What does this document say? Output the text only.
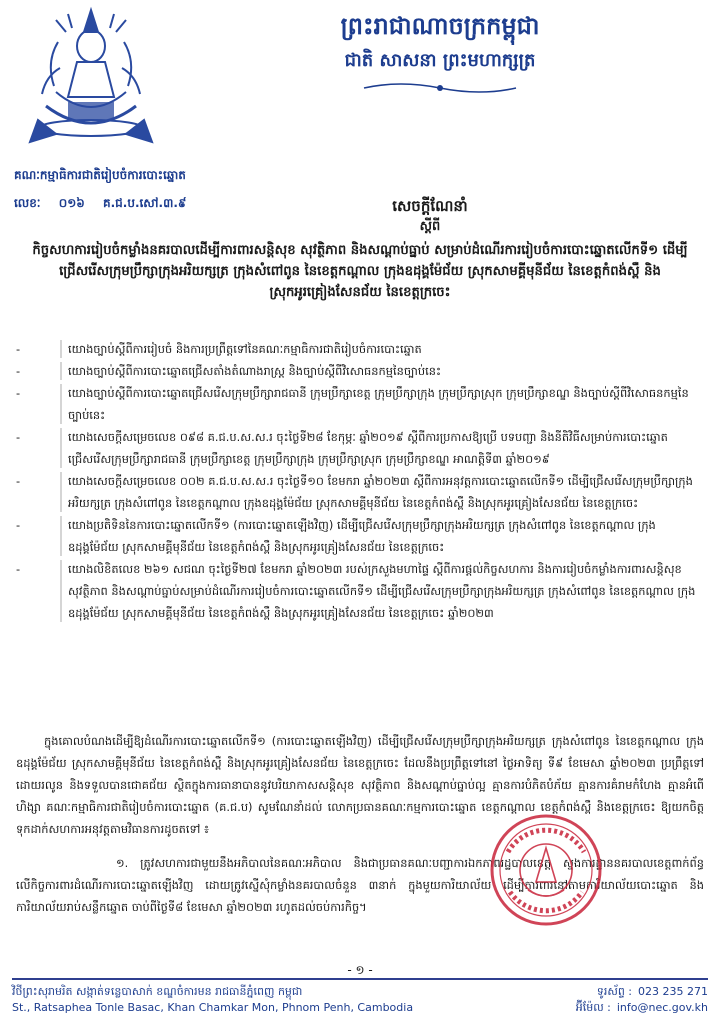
ព្រះរាជាណាចក្រកម្ពុជា
ជាតិ សាសនា ព្រះមហាក្សត្រ
គណៈកម្មាធិការជាតិរៀបចំការបោះឆ្នោត
លេខៈ ០១៦ គ.ជ.ប.សៅ.៣.៩	សេចក្តីណែនាំ
ស្តីពី
កិច្ចសហការរៀបចំកម្លាំងនគរបាលដើម្បីការពារសន្តិសុខ សុវត្ថិភាព និងសណ្តាប់ធ្នាប់ សម្រាប់ដំណើរការរៀបចំការបោះឆ្នោតលើកទី១ ដើម្បីជ្រើសរើសក្រុមប្រឹក្សាក្រុងអរិយក្សត្រ ក្រុងសំពៅពូន នៃខេត្តកណ្តាល ក្រុងឧដុង្គម៉ែជ័យ ស្រុកសាមគ្គីមុនីជ័យ នៃខេត្តកំពង់ស្ពឺ និងស្រុកអូរគ្រៀងសែនជ័យ នៃខេត្តក្រចេះ
-	យោងច្បាប់ស្តីពីការរៀបចំ និងការប្រព្រឹត្តទៅនៃគណៈកម្មាធិការជាតិរៀបចំការបោះឆ្នោត
-	យោងច្បាប់ស្តីពីការបោះឆ្នោតជ្រើសតាំងតំណាងរាស្ត្រ និងច្បាប់ស្តីពីវិសោធនកម្មនៃច្បាប់នេះ
-	យោងច្បាប់ស្តីពីការបោះឆ្នោតជ្រើសរើសក្រុមប្រឹក្សារាជធានី ក្រុមប្រឹក្សាខេត្ត ក្រុមប្រឹក្សាក្រុង ក្រុមប្រឹក្សាស្រុក ក្រុមប្រឹក្សាខណ្ឌ និងច្បាប់ស្តីពីវិសោធនកម្មនៃច្បាប់នេះ
-	យោងសេចក្តីសម្រេចលេខ ០៩៨ គ.ជ.ប.ស.ស.រ ចុះថ្ងៃទី២៨ ខែកុម្ភៈ ឆ្នាំ២០១៩ ស្តីពីការប្រកាសឱ្យប្រើ បទបញ្ជា និងនីតិវិធីសម្រាប់ការបោះឆ្នោតជ្រើសរើសក្រុមប្រឹក្សារាជធានី ក្រុមប្រឹក្សាខេត្ត ក្រុមប្រឹក្សាក្រុង ក្រុមប្រឹក្សាស្រុក ក្រុមប្រឹក្សាខណ្ឌ អាណត្តិទី៣ ឆ្នាំ២០១៩
-	យោងសេចក្តីសម្រេចលេខ ០០២ គ.ជ.ប.ស.ស.រ ចុះថ្ងៃទី១០ ខែមករា ឆ្នាំ២០២៣ ស្តីពីការអនុវត្តការបោះឆ្នោតលើកទី១ ដើម្បីជ្រើសរើសក្រុមប្រឹក្សាក្រុងអរិយក្សត្រ ក្រុងសំពៅពូន នៃខេត្តកណ្តាល ក្រុងឧដុង្គម៉ែជ័យ ស្រុកសាមគ្គីមុនីជ័យ នៃខេត្តកំពង់ស្ពឺ និងស្រុកអូរគ្រៀងសែនជ័យ នៃខេត្តក្រចេះ
-	យោងប្រតិទិននៃការបោះឆ្នោតលើកទី១ (ការបោះឆ្នោតឡើងវិញ) ដើម្បីជ្រើសរើសក្រុមប្រឹក្សាក្រុងអរិយក្សត្រ ក្រុងសំពៅពូន នៃខេត្តកណ្តាល ក្រុងឧដុង្គម៉ែជ័យ ស្រុកសាមគ្គីមុនីជ័យ នៃខេត្តកំពង់ស្ពឺ និងស្រុកអូរគ្រៀងសែនជ័យ នៃខេត្តក្រចេះ
-	យោងលិខិតលេខ ២៦១ សជណ ចុះថ្ងៃទី២៧ ខែមករា ឆ្នាំ២០២៣ របស់ក្រសួងមហាផ្ទៃ ស្តីពីការផ្តល់កិច្ចសហការ និងការរៀបចំកម្លាំងការពារសន្តិសុខ សុវត្ថិភាព និងសណ្តាប់ធ្នាប់សម្រាប់ដំណើរការរៀបចំការបោះឆ្នោតលើកទី១ ដើម្បីជ្រើសរើសក្រុមប្រឹក្សាក្រុងអរិយក្សត្រ ក្រុងសំពៅពូន នៃខេត្តកណ្តាល ក្រុងឧដុង្គម៉ែជ័យ ស្រុកសាមគ្គីមុនីជ័យ នៃខេត្តកំពង់ស្ពឺ និងស្រុកអូរគ្រៀងសែនជ័យ នៃខេត្តក្រចេះ ឆ្នាំ២០២៣
ក្នុងគោលបំណងដើម្បីឱ្យដំណើរការបោះឆ្នោតលើកទី១ (ការបោះឆ្នោតឡើងវិញ) ដើម្បីជ្រើសរើសក្រុមប្រឹក្សាក្រុងអរិយក្សត្រ ក្រុងសំពៅពូន នៃខេត្តកណ្តាល ក្រុងឧដុង្គម៉ែជ័យ ស្រុកសាមគ្គីមុនីជ័យ នៃខេត្តកំពង់ស្ពឺ និងស្រុកអូរគ្រៀងសែនជ័យ នៃខេត្តក្រចេះ ដែលនឹងប្រព្រឹត្តទៅនៅ ថ្ងៃអាទិត្យ ទី៩ ខែមេសា ឆ្នាំ២០២៣ ប្រព្រឹត្តទៅដោយរលូន និងទទួលបានជោគជ័យ ស្ថិតក្នុងការធានាបាននូវបរិយាកាសសន្តិសុខ សុវត្ថិភាព និងសណ្តាប់ធ្នាប់ល្អ គ្មានការបំភិតបំភ័យ គ្មានការគំរាមកំហែង គ្មានអំពើហិង្សា គណៈកម្មាធិការជាតិរៀបចំការបោះឆ្នោត (គ.ជ.ប) សូមណែនាំដល់ លោកប្រធានគណៈកម្មការបោះឆ្នោត ខេត្តកណ្តាល ខេត្តកំពង់ស្ពឺ និងខេត្តក្រចេះ ឱ្យយកចិត្តទុកដាក់សហការអនុវត្តតាមវិធានការដូចតទៅ ៖
១. ត្រូវសហការជាមួយនឹងអភិបាលនៃគណៈអភិបាល និងជាប្រធានគណៈបញ្ជាការឯកភាពរដ្ឋបាលខេត្ត ស្នងការដ្ឋាននគរបាលខេត្តពាក់ព័ន្ធ លើកិច្ចការពារដំណើរការបោះឆ្នោតឡើងវិញ ដោយត្រូវស្នើសុំកម្លាំងនគរបាលចំនួន ៣នាក់ ក្នុងមួយការិយាល័យ ដើម្បីការពារនៅតាមការិយាល័យបោះឆ្នោត និងការិយាល័យរាប់សន្លឹកឆ្នោត ចាប់ពីថ្ងៃទី៨ ខែមេសា ឆ្នាំ២០២៣ រហូតដល់ចប់ការកិច្ច។
- ១ -
វិថីព្រះសុរាមរិត សង្កាត់ទន្លេបាសាក់ ខណ្ឌចំការមន រាជធានីភ្នំពេញ កម្ពុជា
St., Ratsaphea Tonle Basac, Khan Chamkar Mon, Phnom Penh, Cambodia
ទូរស័ព្ទ : 023 235 271
អ៊ីម៉ែល : info@nec.gov.kh
